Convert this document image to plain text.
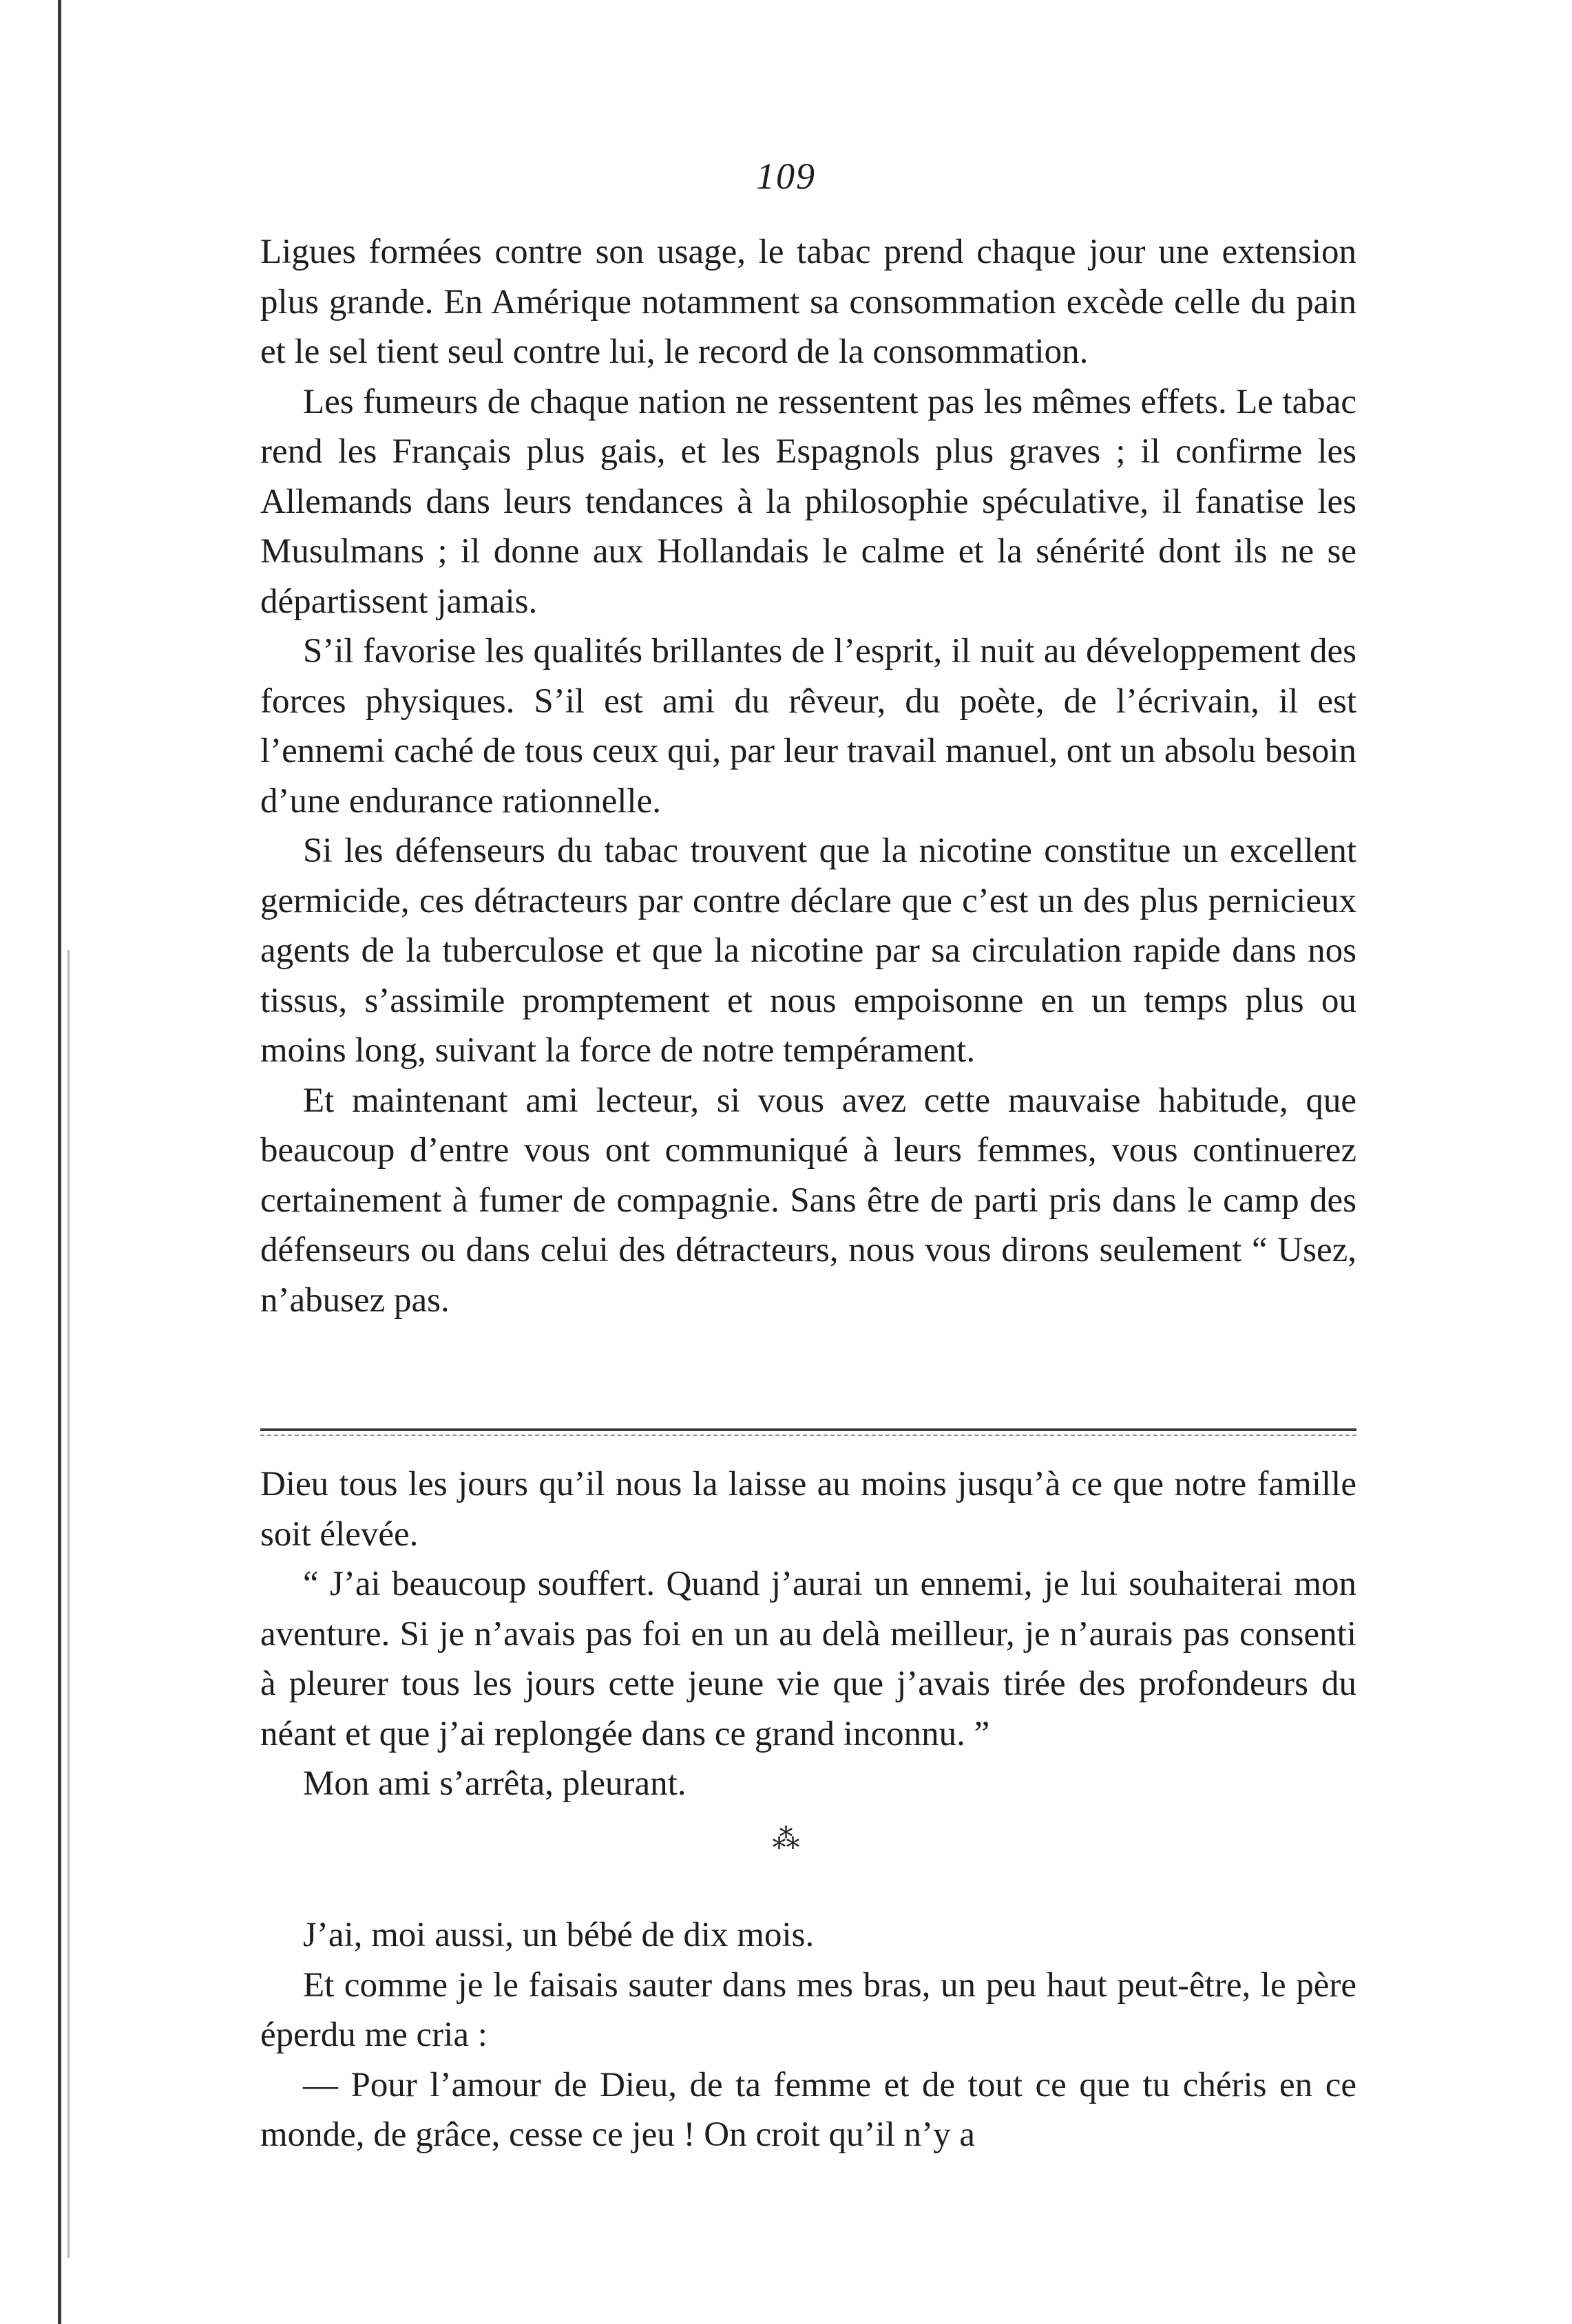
109

Ligues formées contre son usage, le tabac prend chaque jour une extension plus grande. En Amérique notamment sa consommation excède celle du pain et le sel tient seul contre lui, le record de la consommation.

Les fumeurs de chaque nation ne ressentent pas les mêmes effets. Le tabac rend les Français plus gais, et les Espagnols plus graves ; il confirme les Allemands dans leurs tendances à la philosophie spéculative, il fanatise les Musulmans ; il donne aux Hollandais le calme et la sénérité dont ils ne se départissent jamais.

S’il favorise les qualités brillantes de l’esprit, il nuit au développement des forces physiques. S’il est ami du rêveur, du poète, de l’écrivain, il est l’ennemi caché de tous ceux qui, par leur travail manuel, ont un absolu besoin d’une endurance rationnelle.

Si les défenseurs du tabac trouvent que la nicotine constitue un excellent germicide, ces détracteurs par contre déclare que c’est un des plus pernicieux agents de la tuberculose et que la nicotine par sa circulation rapide dans nos tissus, s’assimile promptement et nous empoisonne en un temps plus ou moins long, suivant la force de notre tempérament.

Et maintenant ami lecteur, si vous avez cette mauvaise habitude, que beaucoup d’entre vous ont communiqué à leurs femmes, vous continuerez certainement à fumer de compagnie. Sans être de parti pris dans le camp des défenseurs ou dans celui des détracteurs, nous vous dirons seulement “ Usez, n’abusez pas.

Dieu tous les jours qu’il nous la laisse au moins jusqu’à ce que notre famille soit élevée.

“ J’ai beaucoup souffert. Quand j’aurai un ennemi, je lui souhaiterai mon aventure. Si je n’avais pas foi en un au delà meilleur, je n’aurais pas consenti à pleurer tous les jours cette jeune vie que j’avais tirée des profondeurs du néant et que j’ai replongée dans ce grand inconnu. ”

Mon ami s’arrêta, pleurant.

⁂

J’ai, moi aussi, un bébé de dix mois.

Et comme je le faisais sauter dans mes bras, un peu haut peut-être, le père éperdu me cria :

— Pour l’amour de Dieu, de ta femme et de tout ce que tu chéris en ce monde, de grâce, cesse ce jeu ! On croit qu’il n’y a
